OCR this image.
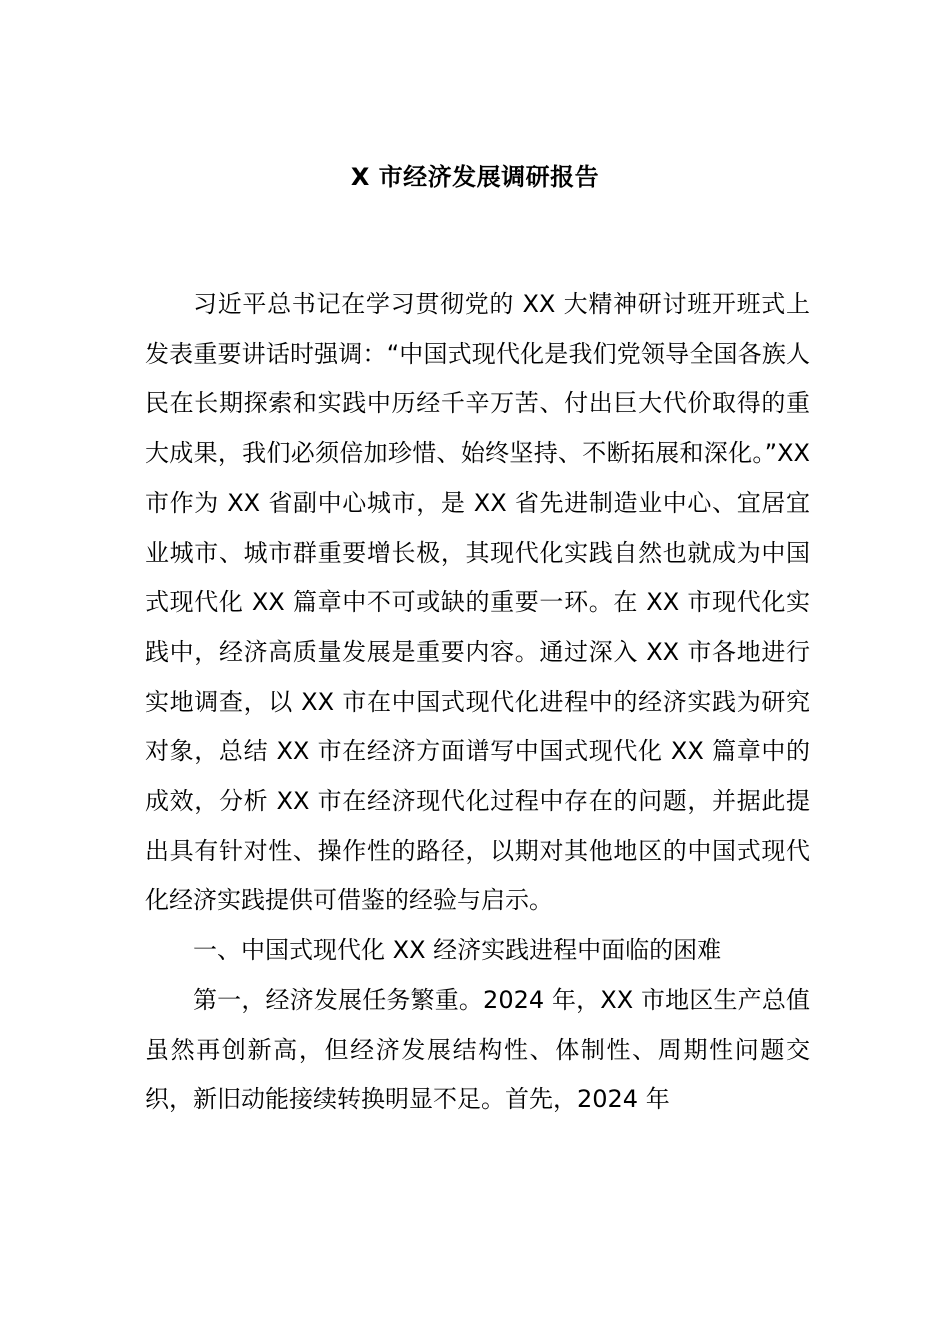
X 市经济发展调研报告

习近平总书记在学习贯彻党的 XX 大精神研讨班开班式上发表重要讲话时强调：“中国式现代化是我们党领导全国各族人民在长期探索和实践中历经千辛万苦、付出巨大代价取得的重大成果，我们必须倍加珍惜、始终坚持、不断拓展和深化。”XX 市作为 XX 省副中心城市，是 XX 省先进制造业中心、宜居宜业城市、城市群重要增长极，其现代化实践自然也就成为中国式现代化 XX 篇章中不可或缺的重要一环。在 XX 市现代化实践中，经济高质量发展是重要内容。通过深入 XX 市各地进行实地调查，以 XX 市在中国式现代化进程中的经济实践为研究对象，总结 XX 市在经济方面谱写中国式现代化 XX 篇章中的成效，分析 XX 市在经济现代化过程中存在的问题，并据此提出具有针对性、操作性的路径，以期对其他地区的中国式现代化经济实践提供可借鉴的经验与启示。

一、中国式现代化 XX 经济实践进程中面临的困难

第一，经济发展任务繁重。2024 年，XX 市地区生产总值虽然再创新高，但经济发展结构性、体制性、周期性问题交织，新旧动能接续转换明显不足。首先，2024 年
